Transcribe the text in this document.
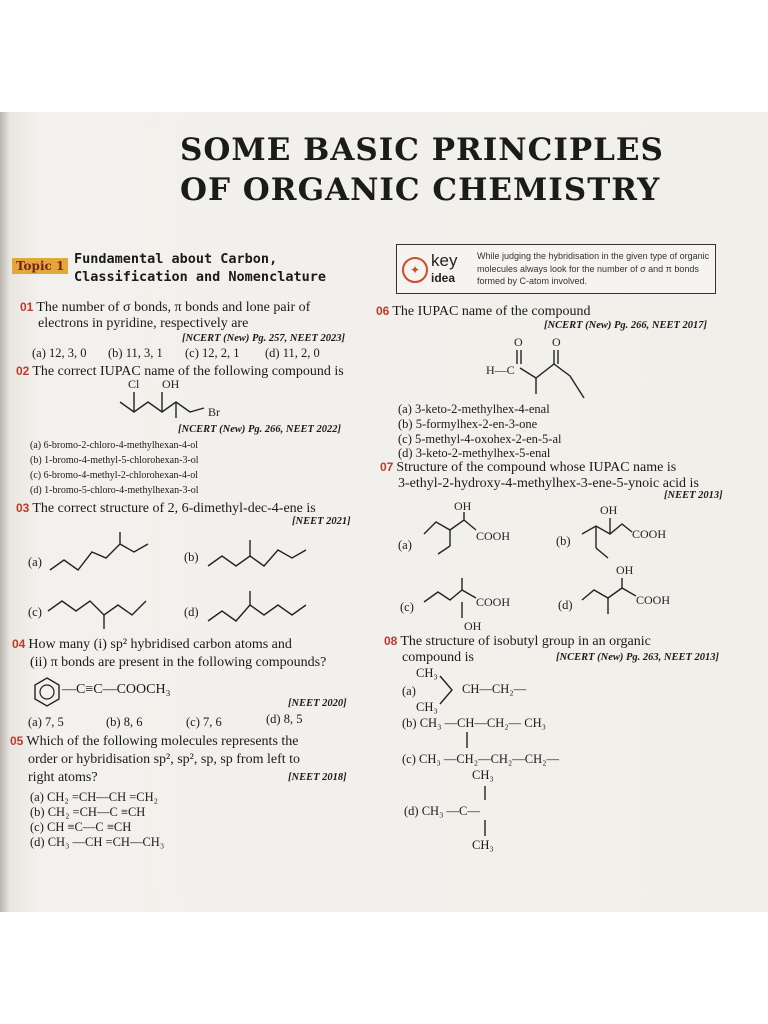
SOME BASIC PRINCIPLES
OF ORGANIC CHEMISTRY
Topic 1 Fundamental about Carbon,
Classification and Nomenclature	✦ key
idea
While judging the hybridisation in the given type of organic molecules always look for the number of σ and π bonds formed by C-atom involved.
01 The number of σ bonds, π bonds and lone pair of
electrons in pyridine, respectively are
[NCERT (New) Pg. 257, NEET 2023]
(a) 12, 3, 0 (b) 11, 3, 1 (c) 12, 2, 1 (d) 11, 2, 0
02 The correct IUPAC name of the following compound is
Cl OH
Br
[NCERT (New) Pg. 266, NEET 2022]
(a) 6-bromo-2-chloro-4-methylhexan-4-ol
(b) 1-bromo-4-methyl-5-chlorohexan-3-ol
(c) 6-bromo-4-methyl-2-chlorohexan-4-ol
(d) 1-bromo-5-chloro-4-methylhexan-3-ol
03 The correct structure of 2, 6-dimethyl-dec-4-ene is
[NEET 2021]
(a)	(b)
(c)	(d)
04 How many (i) sp² hybridised carbon atoms and
(ii) π bonds are present in the following compounds?
—C≡C—COOCH₃
[NEET 2020]
(a) 7, 5	(b) 8, 6	(c) 7, 6	(d) 8, 5
05 Which of the following molecules represents the
order or hybridisation sp², sp², sp, sp from left to
right atoms?	[NEET 2018]
(a) CH₂ =CH—CH =CH₂
(b) CH₂ =CH—C ≡CH
(c) CH ≡C—C ≡CH
(d) CH₃ —CH =CH—CH₃
06 The IUPAC name of the compound
[NCERT (New) Pg. 266, NEET 2017]
H—C
O O
(a) 3-keto-2-methylhex-4-enal
(b) 5-formylhex-2-en-3-one
(c) 5-methyl-4-oxohex-2-en-5-al
(d) 3-keto-2-methylhex-5-enal
07 Structure of the compound whose IUPAC name is
3-ethyl-2-hydroxy-4-methylhex-3-ene-5-ynoic acid is
[NEET 2013]
(a)
OH
COOH	(b)
OH
COOH
(c)	COOH
OH
(d)
OH
COOH
08 The structure of isobutyl group in an organic
compound is	[NCERT (New) Pg. 263, NEET 2013]
CH₃
(a)	CH—CH₂—
CH₃
(b) CH₃ —CH—CH₂— CH₃
(c) CH₃ —CH₂—CH₂—CH₂—
CH₃
(d) CH₃ —C—
CH₃
